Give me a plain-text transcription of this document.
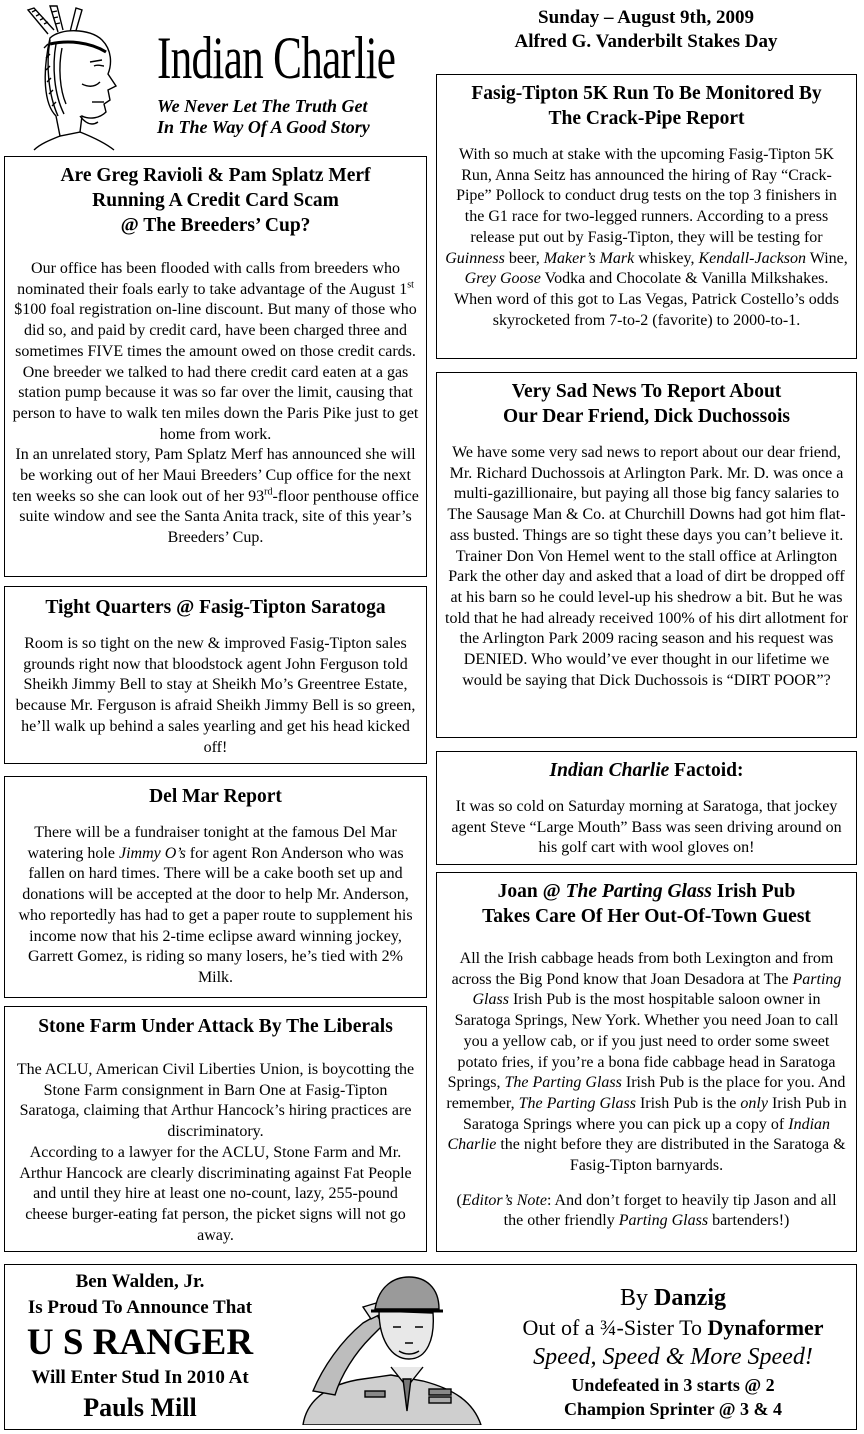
Indian Charlie
We Never Let The Truth Get
In The Way Of A Good Story
Sunday – August 9th, 2009
Alfred G. Vanderbilt Stakes Day
Are Greg Ravioli & Pam Splatz Merf
Running A Credit Card Scam
@ The Breeders’ Cup?

Our office has been flooded with calls from breeders who nominated their foals early to take advantage of the August 1st $100 foal registration on-line discount. But many of those who did so, and paid by credit card, have been charged three and sometimes FIVE times the amount owed on those credit cards.

One breeder we talked to had there credit card eaten at a gas station pump because it was so far over the limit, causing that person to have to walk ten miles down the Paris Pike just to get home from work.

In an unrelated story, Pam Splatz Merf has announced she will be working out of her Maui Breeders’ Cup office for the next ten weeks so she can look out of her 93rd-floor penthouse office suite window and see the Santa Anita track, site of this year’s Breeders’ Cup.

Tight Quarters @ Fasig-Tipton Saratoga

Room is so tight on the new & improved Fasig-Tipton sales grounds right now that bloodstock agent John Ferguson told Sheikh Jimmy Bell to stay at Sheikh Mo’s Greentree Estate, because Mr. Ferguson is afraid Sheikh Jimmy Bell is so green, he’ll walk up behind a sales yearling and get his head kicked off!

Del Mar Report

There will be a fundraiser tonight at the famous Del Mar watering hole Jimmy O’s for agent Ron Anderson who was fallen on hard times. There will be a cake booth set up and donations will be accepted at the door to help Mr. Anderson, who reportedly has had to get a paper route to supplement his income now that his 2-time eclipse award winning jockey, Garrett Gomez, is riding so many losers, he’s tied with 2% Milk.

Stone Farm Under Attack By The Liberals

The ACLU, American Civil Liberties Union, is boycotting the Stone Farm consignment in Barn One at Fasig-Tipton Saratoga, claiming that Arthur Hancock’s hiring practices are discriminatory.

According to a lawyer for the ACLU, Stone Farm and Mr. Arthur Hancock are clearly discriminating against Fat People and until they hire at least one no-count, lazy, 255-pound cheese burger-eating fat person, the picket signs will not go away.

Fasig-Tipton 5K Run To Be Monitored By
The Crack-Pipe Report

With so much at stake with the upcoming Fasig-Tipton 5K Run, Anna Seitz has announced the hiring of Ray “Crack-Pipe” Pollock to conduct drug tests on the top 3 finishers in the G1 race for two-legged runners. According to a press release put out by Fasig-Tipton, they will be testing for Guinness beer, Maker’s Mark whiskey, Kendall-Jackson Wine, Grey Goose Vodka and Chocolate & Vanilla Milkshakes.

When word of this got to Las Vegas, Patrick Costello’s odds skyrocketed from 7-to-2 (favorite) to 2000-to-1.

Very Sad News To Report About
Our Dear Friend, Dick Duchossois

We have some very sad news to report about our dear friend, Mr. Richard Duchossois at Arlington Park. Mr. D. was once a multi-gazillionaire, but paying all those big fancy salaries to The Sausage Man & Co. at Churchill Downs had got him flat-ass busted. Things are so tight these days you can’t believe it. Trainer Don Von Hemel went to the stall office at Arlington Park the other day and asked that a load of dirt be dropped off at his barn so he could level-up his shedrow a bit. But he was told that he had already received 100% of his dirt allotment for the Arlington Park 2009 racing season and his request was DENIED. Who would’ve ever thought in our lifetime we would be saying that Dick Duchossois is “DIRT POOR”?

Indian Charlie Factoid:

It was so cold on Saturday morning at Saratoga, that jockey agent Steve “Large Mouth” Bass was seen driving around on his golf cart with wool gloves on!

Joan @ The Parting Glass Irish Pub
Takes Care Of Her Out-Of-Town Guest

All the Irish cabbage heads from both Lexington and from across the Big Pond know that Joan Desadora at The Parting Glass Irish Pub is the most hospitable saloon owner in Saratoga Springs, New York. Whether you need Joan to call you a yellow cab, or if you just need to order some sweet potato fries, if you’re a bona fide cabbage head in Saratoga Springs, The Parting Glass Irish Pub is the place for you. And remember, The Parting Glass Irish Pub is the only Irish Pub in Saratoga Springs where you can pick up a copy of Indian Charlie the night before they are distributed in the Saratoga & Fasig-Tipton barnyards.

(Editor’s Note: And don’t forget to heavily tip Jason and all the other friendly Parting Glass bartenders!)

Ben Walden, Jr.
Is Proud To Announce That
U S RANGER
Will Enter Stud In 2010 At
Pauls Mill
By Danzig
Out of a ¾-Sister To Dynaformer
Speed, Speed & More Speed!
Undefeated in 3 starts @ 2
Champion Sprinter @ 3 & 4
